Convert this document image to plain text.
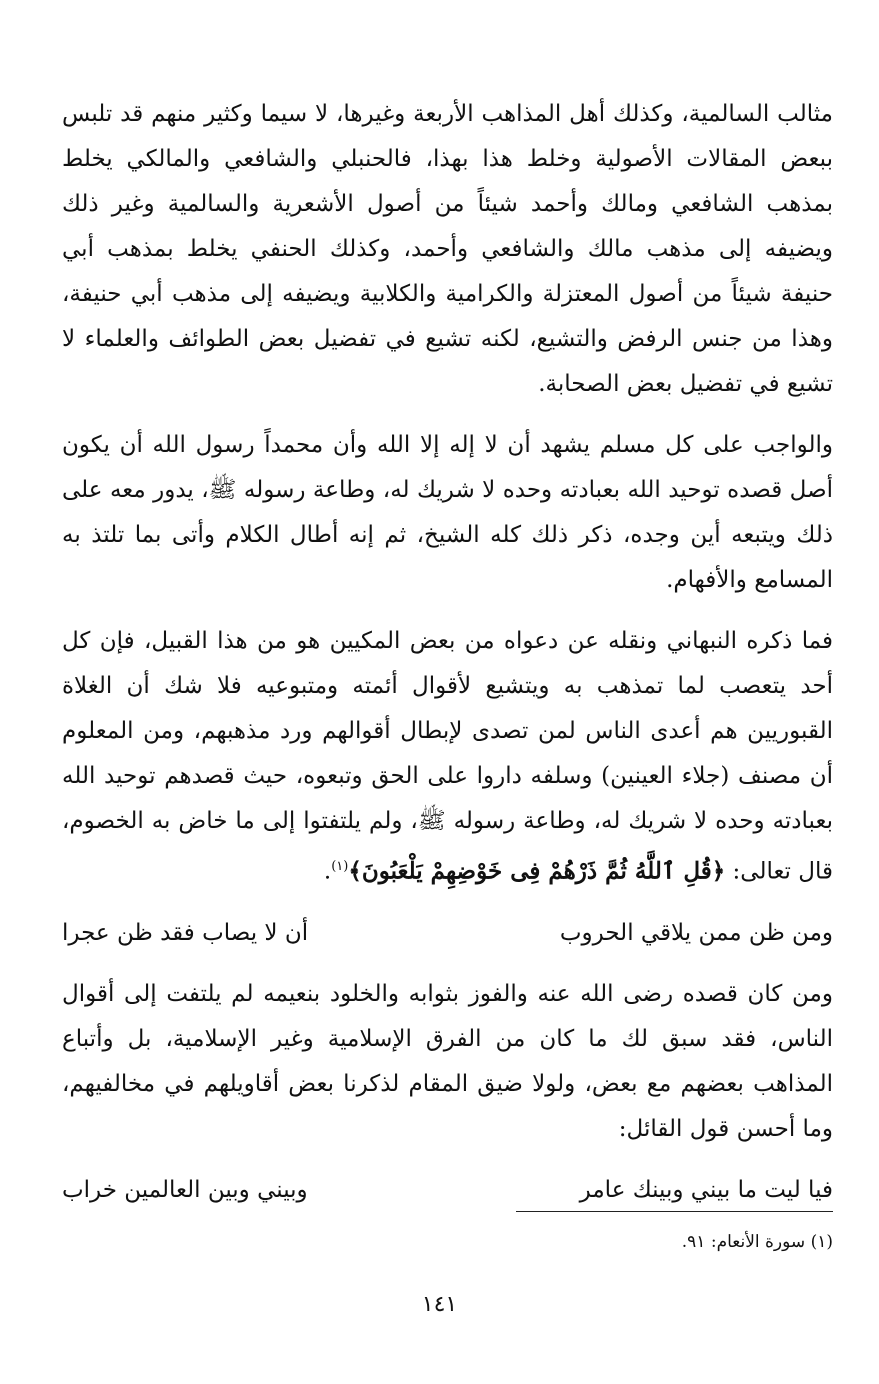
مثالب السالمية، وكذلك أهل المذاهب الأربعة وغيرها، لا سيما وكثير منهم قد تلبس ببعض المقالات الأصولية وخلط هذا بهذا، فالحنبلي والشافعي والمالكي يخلط بمذهب الشافعي ومالك وأحمد شيئاً من أصول الأشعرية والسالمية وغير ذلك ويضيفه إلى مذهب مالك والشافعي وأحمد، وكذلك الحنفي يخلط بمذهب أبي حنيفة شيئاً من أصول المعتزلة والكرامية والكلابية ويضيفه إلى مذهب أبي حنيفة، وهذا من جنس الرفض والتشيع، لكنه تشيع في تفضيل بعض الطوائف والعلماء لا تشيع في تفضيل بعض الصحابة.

والواجب على كل مسلم يشهد أن لا إله إلا الله وأن محمداً رسول الله أن يكون أصل قصده توحيد الله بعبادته وحده لا شريك له، وطاعة رسوله ﷺ، يدور معه على ذلك ويتبعه أين وجده، ذكر ذلك كله الشيخ، ثم إنه أطال الكلام وأتى بما تلتذ به المسامع والأفهام.

فما ذكره النبهاني ونقله عن دعواه من بعض المكيين هو من هذا القبيل، فإن كل أحد يتعصب لما تمذهب به ويتشيع لأقوال أئمته ومتبوعيه فلا شك أن الغلاة القبوريين هم أعدى الناس لمن تصدى لإبطال أقوالهم ورد مذهبهم، ومن المعلوم أن مصنف (جلاء العينين) وسلفه داروا على الحق وتبعوه، حيث قصدهم توحيد الله بعبادته وحده لا شريك له، وطاعة رسوله ﷺ، ولم يلتفتوا إلى ما خاض به الخصوم، قال تعالى: ﴿قُلِ ٱللَّهُ ثُمَّ ذَرْهُمْ فِى خَوْضِهِمْ يَلْعَبُونَ﴾$^{(١)}$.

ومن ظن ممن يلاقي الحروب
أن لا يصاب فقد ظن عجرا

ومن كان قصده رضى الله عنه والفوز بثوابه والخلود بنعيمه لم يلتفت إلى أقوال الناس، فقد سبق لك ما كان من الفرق الإسلامية وغير الإسلامية، بل وأتباع المذاهب بعضهم مع بعض، ولولا ضيق المقام لذكرنا بعض أقاويلهم في مخالفيهم، وما أحسن قول القائل:

فيا ليت ما بيني وبينك عامر
وبيني وبين العالمين خراب
(١) سورة الأنعام: ٩١.
١٤١
